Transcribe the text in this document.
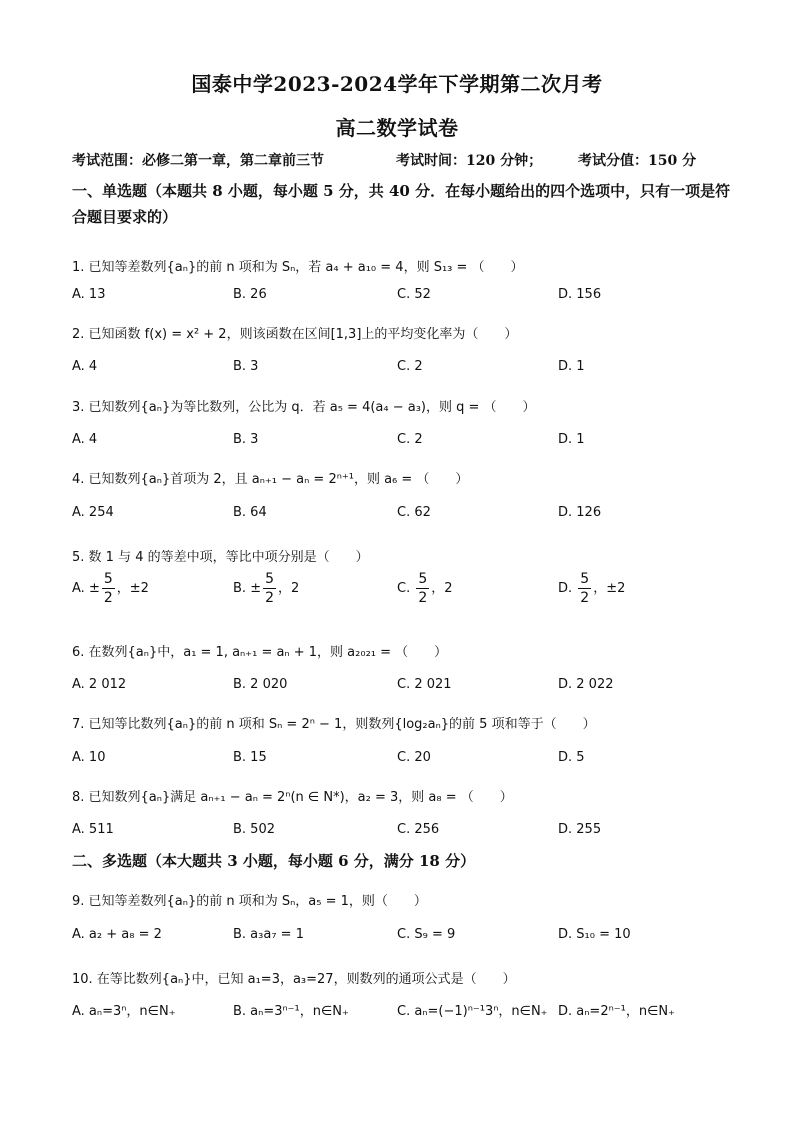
国泰中学2023-2024学年下学期第二次月考
高二数学试卷
考试范围：必修二第一章，第二章前三节	考试时间：120 分钟；	考试分值：150 分
一、单选题（本题共 8 小题，每小题 5 分，共 40 分．在每小题给出的四个选项中，只有一项是符合题目要求的）
1. 已知等差数列{aₙ}的前 n 项和为 Sₙ，若 a₄ + a₁₀ = 4，则 S₁₃ = （　　）
A. 13	B. 26	C. 52	D. 156
2. 已知函数 f(x) = x² + 2，则该函数在区间[1,3]上的平均变化率为（　　）
A. 4	B. 3	C. 2	D. 1
3. 已知数列{aₙ}为等比数列，公比为 q．若 a₅ = 4(a₄ − a₃)，则 q = （　　）
A. 4	B. 3	C. 2	D. 1
4. 已知数列{aₙ}首项为 2，且 aₙ₊₁ − aₙ = 2ⁿ⁺¹，则 a₆ = （　　）
A. 254	B. 64	C. 62	D. 126
5. 数 1 与 4 的等差中项，等比中项分别是（　　）
A. ± $\frac{5}{2}$ ，±2	B. ± $\frac{5}{2}$ ，2	C. $\frac{5}{2}$ ，2	D. $\frac{5}{2}$ ，±2
6. 在数列{aₙ}中，a₁ = 1, aₙ₊₁ = aₙ + 1，则 a₂₀₂₁ = （　　）
A. 2 012	B. 2 020	C. 2 021	D. 2 022
7. 已知等比数列{aₙ}的前 n 项和 Sₙ = 2ⁿ − 1，则数列{log₂aₙ}的前 5 项和等于（　　）
A. 10	B. 15	C. 20	D. 5
8. 已知数列{aₙ}满足 aₙ₊₁ − aₙ = 2ⁿ(n ∈ N*)，a₂ = 3，则 a₈ = （　　）
A. 511	B. 502	C. 256	D. 255
二、多选题（本大题共 3 小题，每小题 6 分，满分 18 分）
9. 已知等差数列{aₙ}的前 n 项和为 Sₙ，a₅ = 1，则（　　）
A. a₂ + a₈ = 2	B. a₃a₇ = 1	C. S₉ = 9	D. S₁₀ = 10
10. 在等比数列{aₙ}中，已知 a₁=3，a₃=27，则数列的通项公式是（　　）
A. aₙ=3ⁿ，n∈N₊	B. aₙ=3ⁿ⁻¹，n∈N₊	C. aₙ=(−1)ⁿ⁻¹3ⁿ，n∈N₊ D. aₙ=2ⁿ⁻¹，n∈N₊
